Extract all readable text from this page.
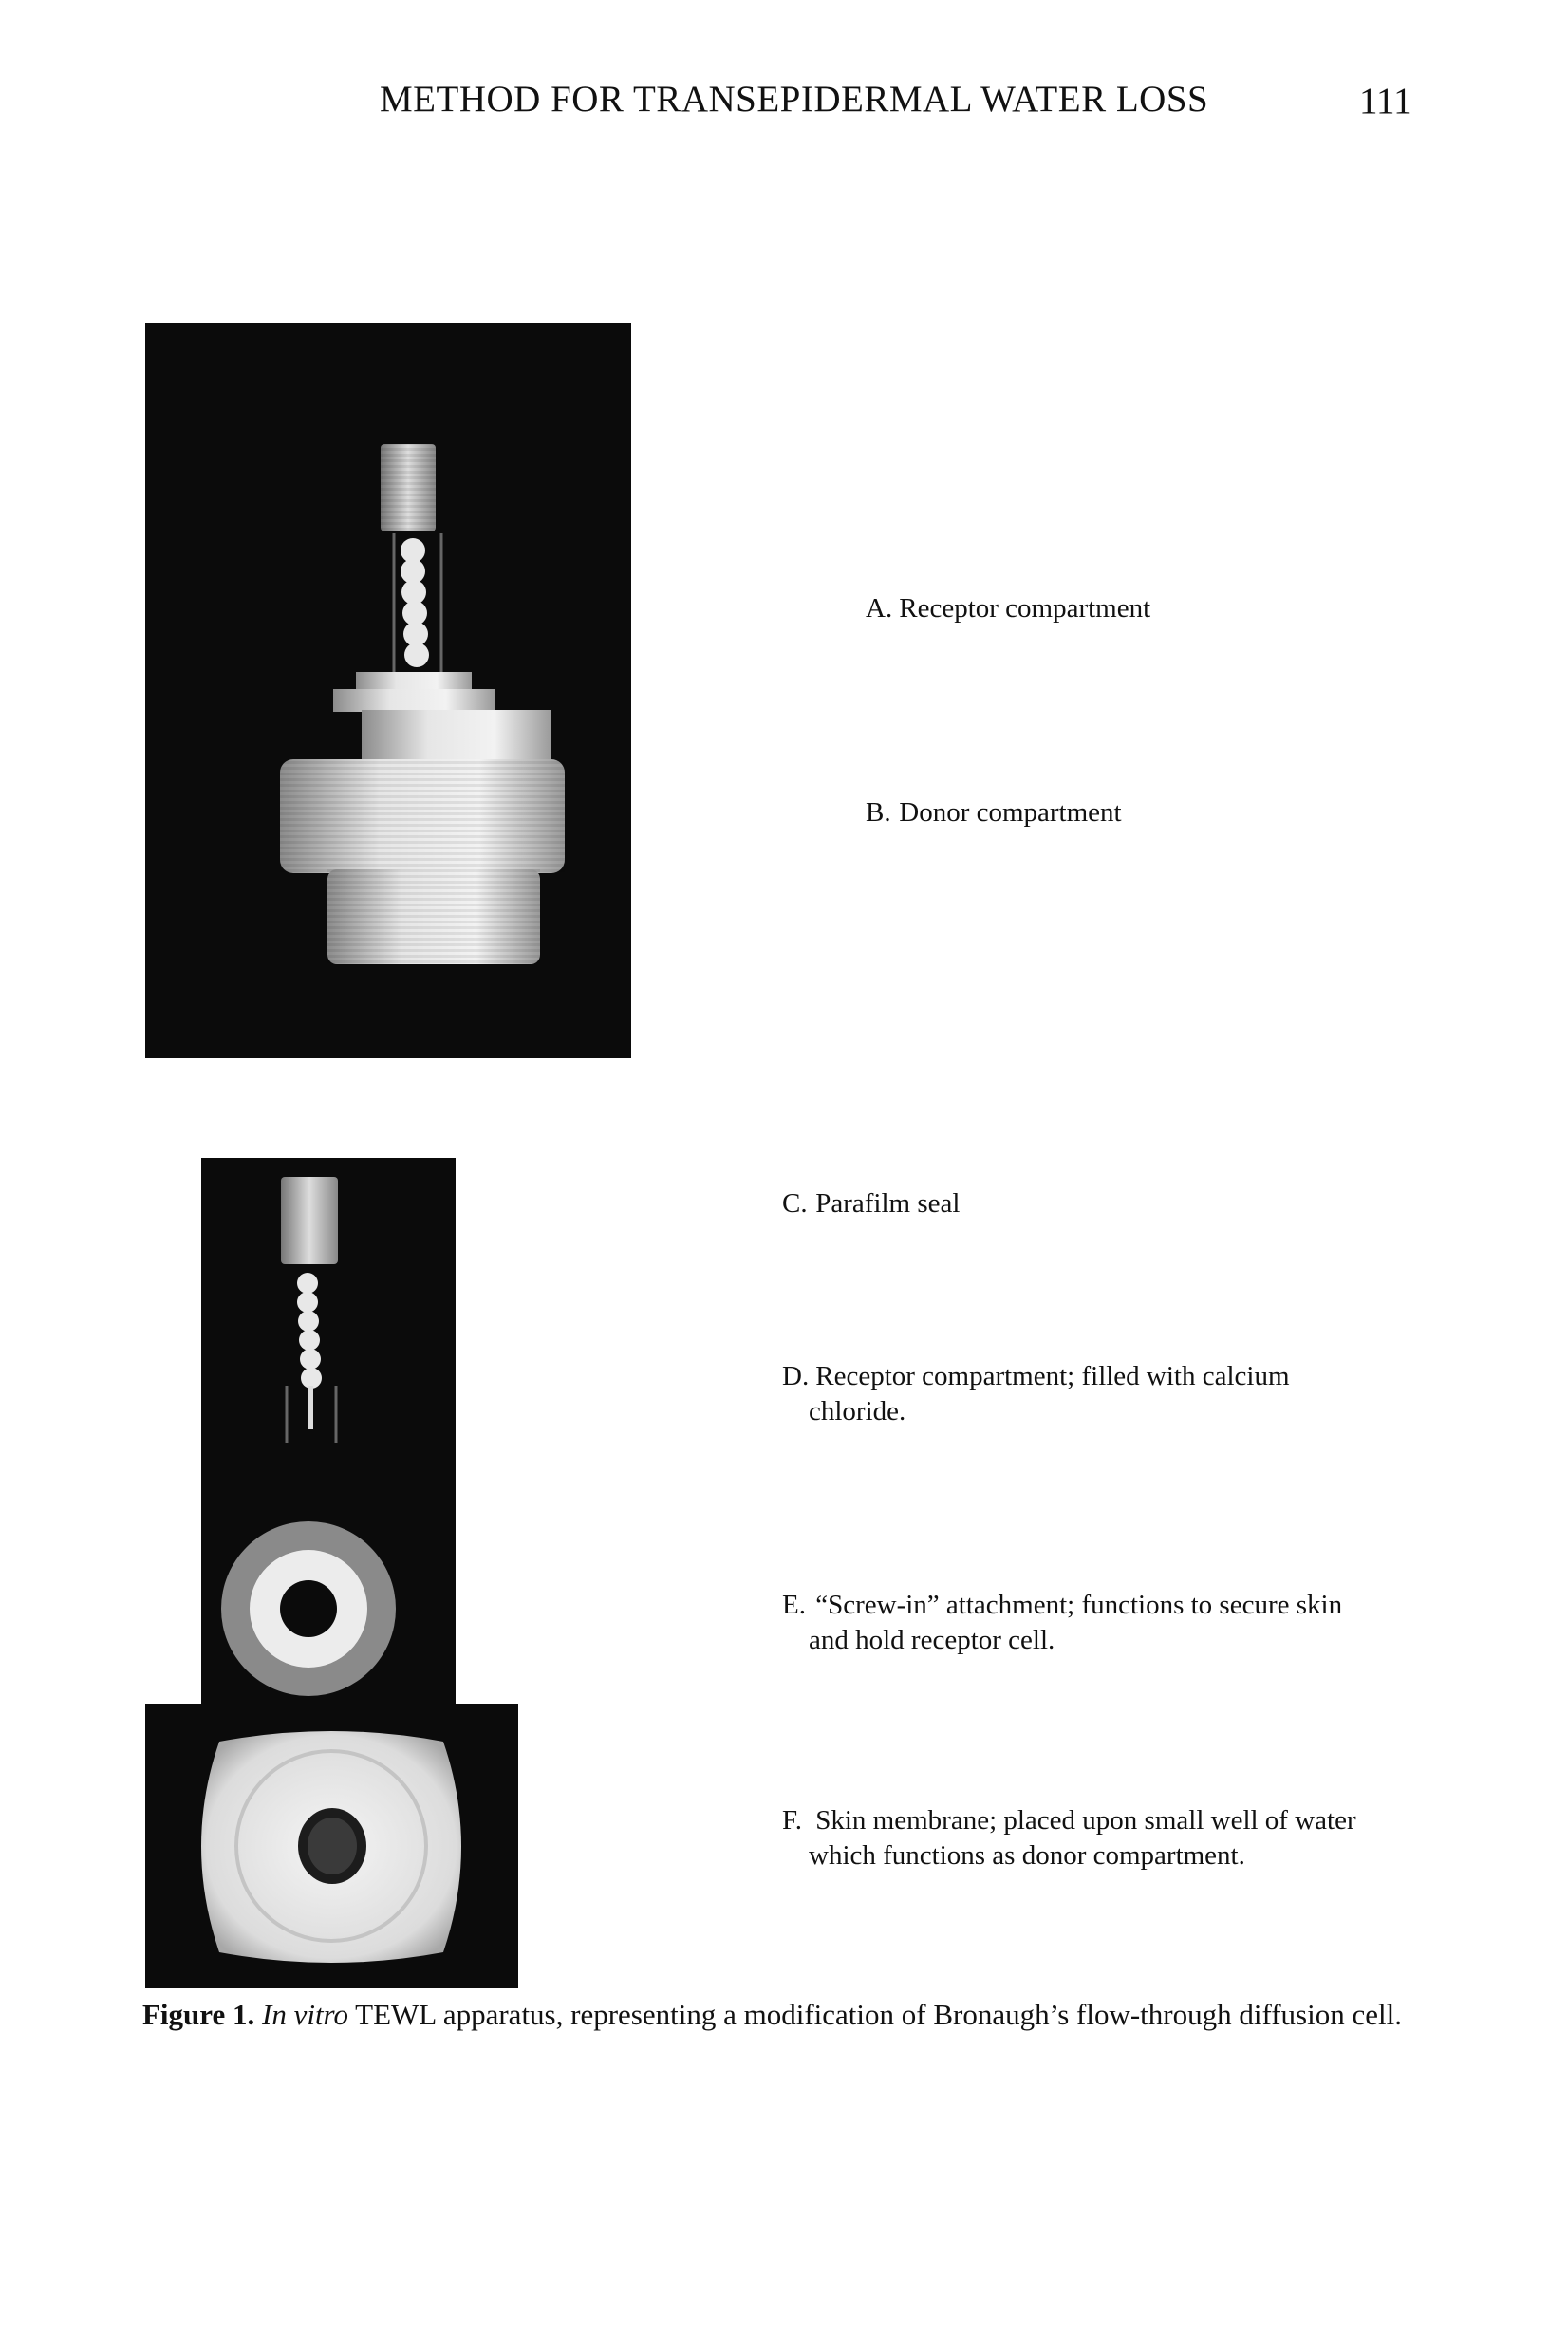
METHOD FOR TRANSEPIDERMAL WATER LOSS	111
A. Receptor compartment
B. Donor compartment
C. Parafilm seal
D. Receptor compartment; filled with calcium
chloride.
E. “Screw-in” attachment; functions to secure skin
and hold receptor cell.
F. Skin membrane; placed upon small well of water
which functions as donor compartment.
Figure 1. In vitro TEWL apparatus, representing a modification of Bronaugh’s flow-through diffusion cell.
